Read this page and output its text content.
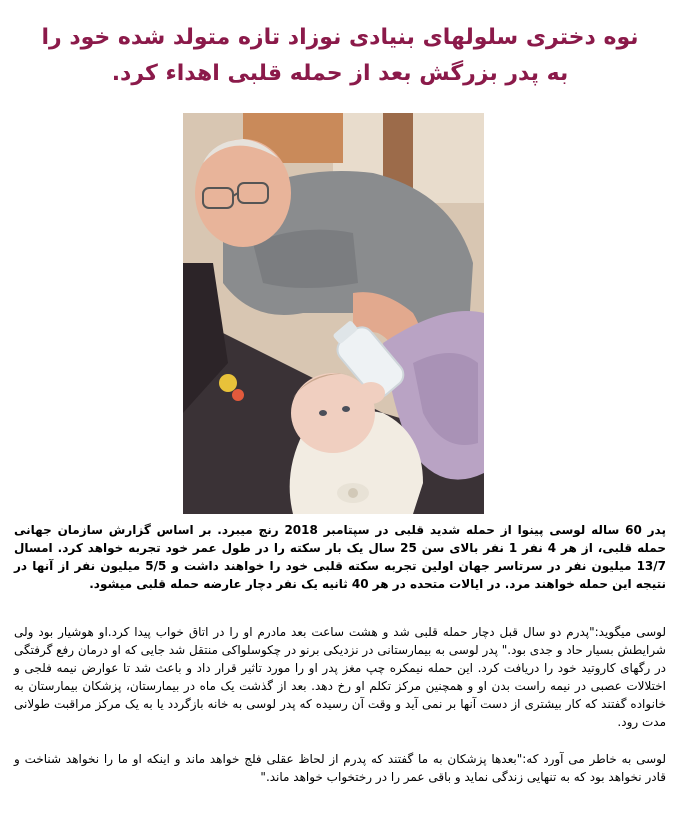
نوه دختری سلولهای بنیادی نوزاد تازه متولد شده خود را
به پدر بزرگش بعد از حمله قلبی اهداء کرد.

پدر 60 ساله لوسی پینوا از حمله شدید قلبی در سپتامبر 2018 رنج میبرد. بر اساس گزارش سازمان جهانی حمله قلبی، از هر 4 نفر 1 نفر بالای سن 25 سال یک بار سکته را در طول عمر خود تجربه خواهد کرد. امسال 13/7 میلیون نفر در سرتاسر جهان اولین تجربه سکته قلبی خود را خواهند داشت و 5/5 میلیون نفر از آنها در نتیجه این حمله خواهند مرد. در ایالات متحده در هر 40 ثانیه یک نفر دچار عارضه حمله قلبی میشود.

لوسی میگوید:"پدرم دو سال قبل دچار حمله قلبی شد و هشت ساعت بعد مادرم او را در اتاق خواب پیدا کرد.او هوشیار بود ولی شرایطش بسیار حاد و جدی بود." پدر لوسی به بیمارستانی در نزدیکی برنو در چکوسلواکی منتقل شد جایی که او درمان رفع گرفتگی در رگهای کاروتید خود را دریافت کرد. این حمله نیمکره چپ مغز پدر او را مورد تاثیر قرار داد و باعث شد تا عوارض نیمه فلجی و اختلالات عصبی در نیمه راست بدن او و همچنین مرکز تکلم او رخ دهد. بعد از گذشت یک ماه در بیمارستان، پزشکان بیمارستان به خانواده گفتند که کار بیشتری از دست آنها بر نمی آید و وقت آن رسیده که پدر لوسی به خانه بازگردد یا به یک مرکز مراقبت طولانی مدت رود.

لوسی به خاطر می آورد که:"بعدها پزشکان به ما گفتند که پدرم از لحاظ عقلی فلج خواهد ماند و اینکه او ما را نخواهد شناخت و قادر نخواهد بود که به تنهایی زندگی نماید و باقی عمر را در رختخواب خواهد ماند."
